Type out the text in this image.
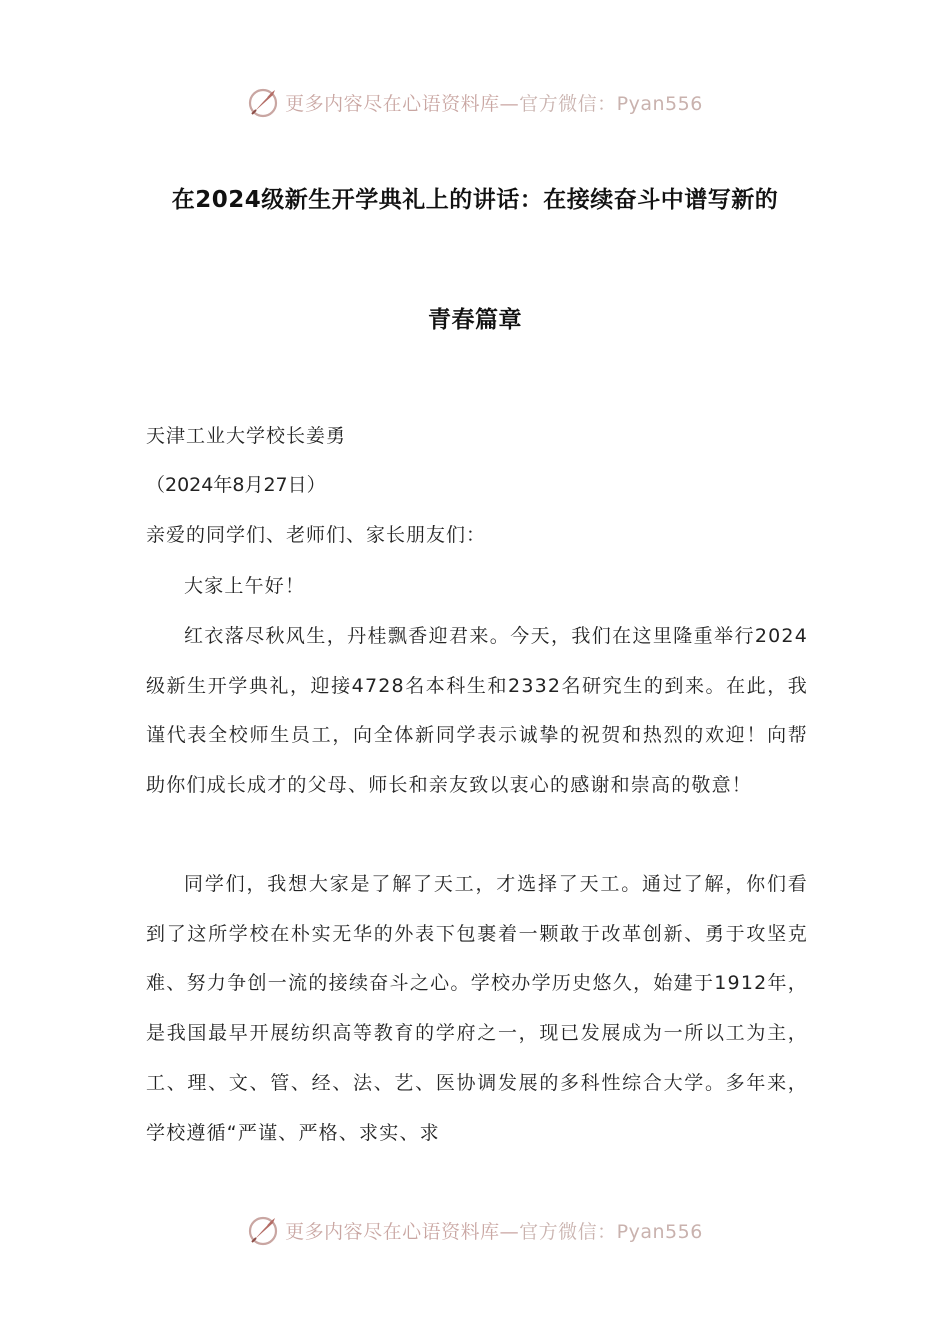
更多内容尽在心语资料库—官方微信：Pyan556
在2024级新生开学典礼上的讲话：在接续奋斗中谱写新的
青春篇章
天津工业大学校长姜勇
（2024年8月27日）
亲爱的同学们、老师们、家长朋友们：

大家上午好！

红衣落尽秋风生，丹桂飘香迎君来。今天，我们在这里隆重举行2024级新生开学典礼，迎接4728名本科生和2332名研究生的到来。在此，我谨代表全校师生员工，向全体新同学表示诚挚的祝贺和热烈的欢迎！向帮助你们成长成才的父母、师长和亲友致以衷心的感谢和崇高的敬意！

同学们，我想大家是了解了天工，才选择了天工。通过了解，你们看到了这所学校在朴实无华的外表下包裹着一颗敢于改革创新、勇于攻坚克难、努力争创一流的接续奋斗之心。学校办学历史悠久，始建于1912年，是我国最早开展纺织高等教育的学府之一，现已发展成为一所以工为主，工、理、文、管、经、法、艺、医协调发展的多科性综合大学。多年来，学校遵循“严谨、严格、求实、求

更多内容尽在心语资料库—官方微信：Pyan556
